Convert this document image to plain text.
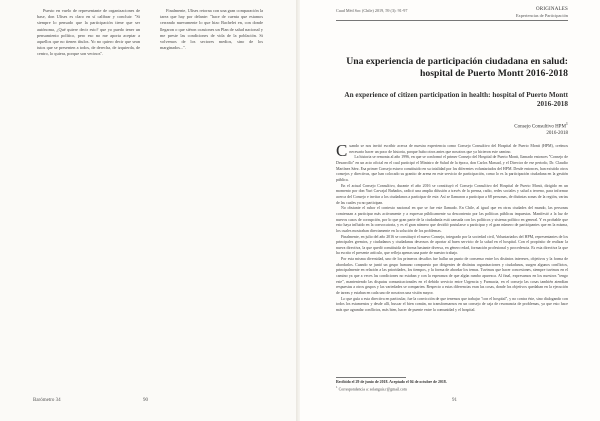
Puesto en vuelo de representante de organizaciones de base, don Ulises es claro en sí calibrar y concluir: "Si siempre lo pensado que la participación tiene que ser autónoma, ¿Qué quiere decir esto? que yo puedo tener un pensamiento político, pero eso no me aporta aceptar a aquellos que no tienen títulos. Yo no quiero decir que sean tutos que se presenten a todos, de derecha, de izquierda, de centro, lo quiera, porque son vecinos".

Finalmente, Ulises retorna con una gran comparación la tarea que hay por delante: "hace de cuenta que estamos cerrando nuevamente lo que hizo Bachelet en, con donde llegaron o que siéron ocasiones un Plan de salud nacional y me preste las condiciones de vida de la población. Si volvemos de los sectores medios, sino de los marginados...".

Barómetro 34	90
Cuad Méd Soc (Chile) 2019, 59 (3): 91-97	ORIGINALES
Experiencias de Participación
Una experiencia de participación ciudadana en salud: hospital de Puerto Montt 2016-2018
An experience of citizen participation in health: hospital of Puerto Montt 2016-2018
Consejo Consultivo HPM$^1$
2016-2018

Cuando se nos invitó escribir acerca de nuestra experiencia como Consejo Consultivo del Hospital de Puerto Montt (HPM), creímos necesario hacer un poco de historia, porque hubo otros antes que nosotros que ya hicieron este camino.

La historia se remonta al año 1996, en que se conformó el primer Consejo del Hospital de Puerto Montt, llamado entonces "Consejo de Desarrollo" en un acto oficial en el cual participó el Ministro de Salud de la época, don Carlos Massad, y el Director de ese periodo, Dr. Claudio Martínez Sáez. Esa primer Consejo estuvo constituido en su totalidad por los diferentes voluntariados del HPM. Desde entonces, han existido otros consejos y directivas, que han colocado su granito de arena en este servicio de participación, como lo es la participación ciudadana en la gestión pública.

En el actual Consejo Consultivo, durante el año 2016 se constituyó el Consejo Consultivo del Hospital de Puerto Montt, dirigido en un momento por don Yuri Carvajal Bañados, radicó una amplia difusión a través de la prensa, radio, redes sociales y salud a terreno, para informar acerca del Consejo e invitar a los ciudadanos a participar de este. Así se llamaron a participar a 68 personas, de distintas zonas de la región, varias de las cuales ya no participan.

No obstante el rubor el contexto nacional en que se fue este llamado. En Chile, al igual que en otras ciudades del mundo, las personas comienzan a participar más activamente y a expresar públicamente su descontento por las políticas públicas impuestas. Manifestó a la luz de nuevos casos de corrupción, por lo que gran parte de la ciudadanía está cansada con los políticos y sistema político en general. Y es probable que esto haya influido en la convocatoria, y es el gran número que decidió postularse a participar y el gran número de participantes que en la misma, los cuales mostraban directamente en la solución de los problemas.

Finalmente, en julio del año 2016 se constituyó el nuevo Consejo, integrado por la sociedad civil, Voluntariados del HPM, representantes de los principales gremios, y ciudadanos y ciudadanas deseosos de aportar al buen servicio de la salud en el hospital. Con el propósito de realizar la nueva directiva, la que quedó constituida de forma bastante diversa, en género edad, formación profesional y procedencia. Es esta directiva la que ha escrito el presente artículo, que refleja apenas una parte de nuestro trabajo.

Por esta misma diversidad, uno de los primeros desafíos fue hallar un punto de consenso entre los distintos intereses, objetivos y la forma de abordarlos. Cuando se juntó un grupo humano compuesto por dirigentes de distintas organizaciones y ciudadanos, surgen algunos conflictos, principalmente en relación a las prioridades, los tiempos, y la forma de abordar los temas. Tuvimos que hacer concesiones, siempre tuvimos en el camino ya que a veces las condiciones no estaban y con la esperanza de que algún rumbo aparezca. Al final, expresamos en los nuestros "tengo este", manteniendo las disputas comunicacionales en el debido servicio entre Urgencia y Farmacia, en el consejo las cosas también atendían respuestas a otros grupos y las variedades se comparten. Respecto a estas diferencias eran las cosas, donde los objetivos quedaban en la ejecución de tareas y estaban en cada uno de nosotros una visión mayor.

Lo que guía a esta directiva en particular, fue la convicción de que tenemos que trabajar "con el hospital", y no contra éste, sino dialogando con todos los estamentos y desde allí, buscar el bien común, no transformarnos en un consejo de caja de resonancia de problemas, ya que esto hace más que agrandar conflictos, más bien, hacer de puente entre la comunidad y el hospital.

Recibido el 29 de junio de 2018. Aceptado el 04 de octubre de 2018.
$^1$ Correspondencia a: solanguis.r@gmail.com
91
